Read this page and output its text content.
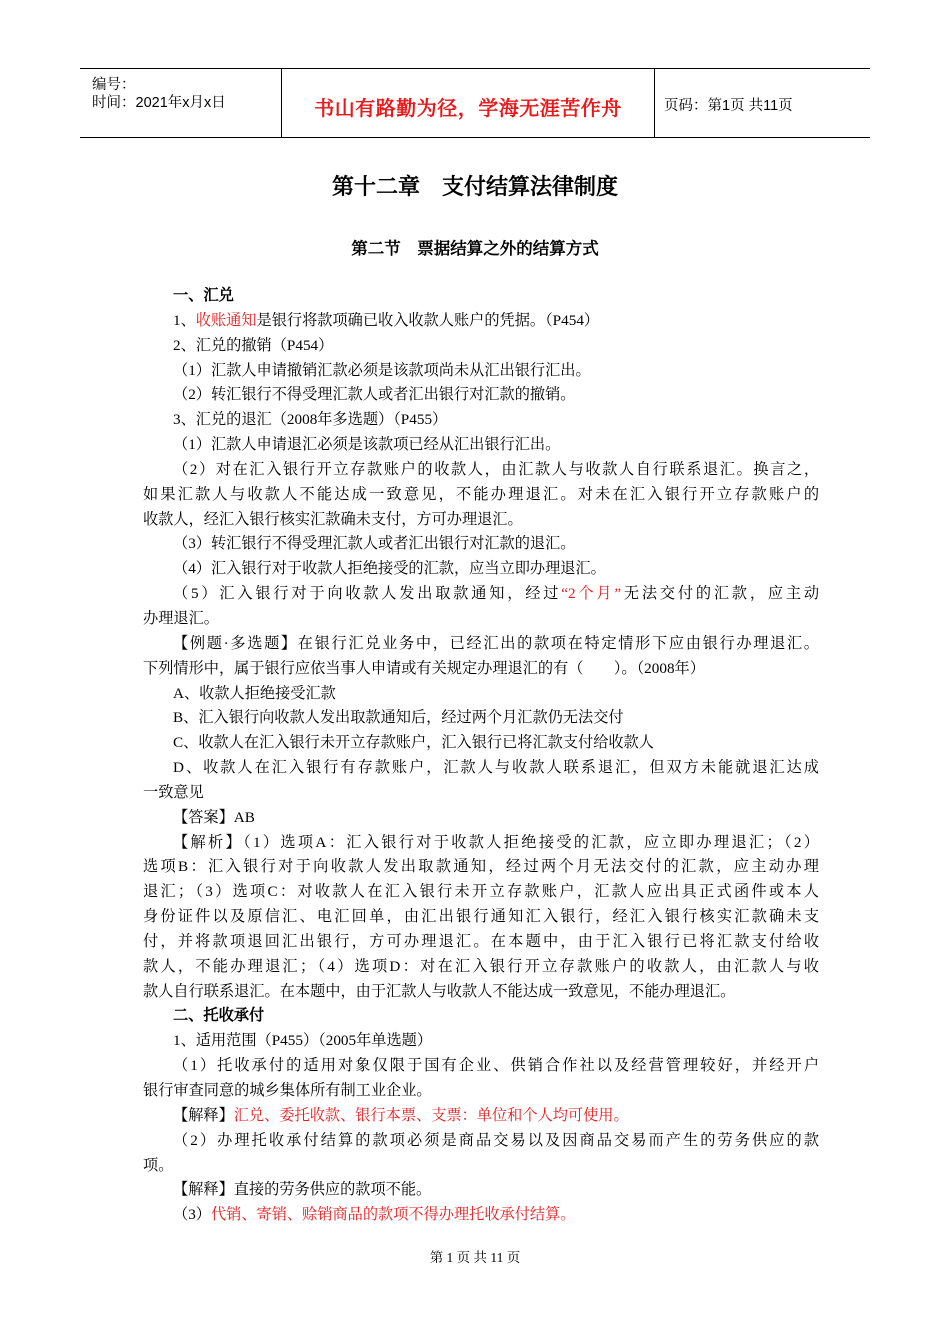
编号：
时间：2021年x月x日	书山有路勤为径，学海无涯苦作舟	页码：第1页 共11页
第十二章　支付结算法律制度
第二节　票据结算之外的结算方式
一、汇兑
1、收账通知是银行将款项确已收入收款人账户的凭据。（P454）
2、汇兑的撤销（P454）
（1）汇款人申请撤销汇款必须是该款项尚未从汇出银行汇出。
（2）转汇银行不得受理汇款人或者汇出银行对汇款的撤销。
3、汇兑的退汇（2008年多选题）（P455）
（1）汇款人申请退汇必须是该款项已经从汇出银行汇出。
（2）对在汇入银行开立存款账户的收款人，由汇款人与收款人自行联系退汇。换言之，
如果汇款人与收款人不能达成一致意见，不能办理退汇。对未在汇入银行开立存款账户的
收款人，经汇入银行核实汇款确未支付，方可办理退汇。
（3）转汇银行不得受理汇款人或者汇出银行对汇款的退汇。
（4）汇入银行对于收款人拒绝接受的汇款，应当立即办理退汇。
（5）汇入银行对于向收款人发出取款通知，经过“2个月”无法交付的汇款，应主动
办理退汇。
【例题·多选题】在银行汇兑业务中，已经汇出的款项在特定情形下应由银行办理退汇。
下列情形中，属于银行应依当事人申请或有关规定办理退汇的有（　　）。（2008年）
A、收款人拒绝接受汇款
B、汇入银行向收款人发出取款通知后，经过两个月汇款仍无法交付
C、收款人在汇入银行未开立存款账户，汇入银行已将汇款支付给收款人
D、收款人在汇入银行有存款账户，汇款人与收款人联系退汇，但双方未能就退汇达成
一致意见
【答案】AB
【解析】（1）选项A：汇入银行对于收款人拒绝接受的汇款，应立即办理退汇；（2）
选项B：汇入银行对于向收款人发出取款通知，经过两个月无法交付的汇款，应主动办理
退汇；（3）选项C：对收款人在汇入银行未开立存款账户，汇款人应出具正式函件或本人
身份证件以及原信汇、电汇回单，由汇出银行通知汇入银行，经汇入银行核实汇款确未支
付，并将款项退回汇出银行，方可办理退汇。在本题中，由于汇入银行已将汇款支付给收
款人，不能办理退汇；（4）选项D：对在汇入银行开立存款账户的收款人，由汇款人与收
款人自行联系退汇。在本题中，由于汇款人与收款人不能达成一致意见，不能办理退汇。
二、托收承付
1、适用范围（P455）（2005年单选题）
（1）托收承付的适用对象仅限于国有企业、供销合作社以及经营管理较好，并经开户
银行审查同意的城乡集体所有制工业企业。
【解释】汇兑、委托收款、银行本票、支票：单位和个人均可使用。
（2）办理托收承付结算的款项必须是商品交易以及因商品交易而产生的劳务供应的款
项。
【解释】直接的劳务供应的款项不能。
（3）代销、寄销、赊销商品的款项不得办理托收承付结算。
第 1 页 共 11 页
